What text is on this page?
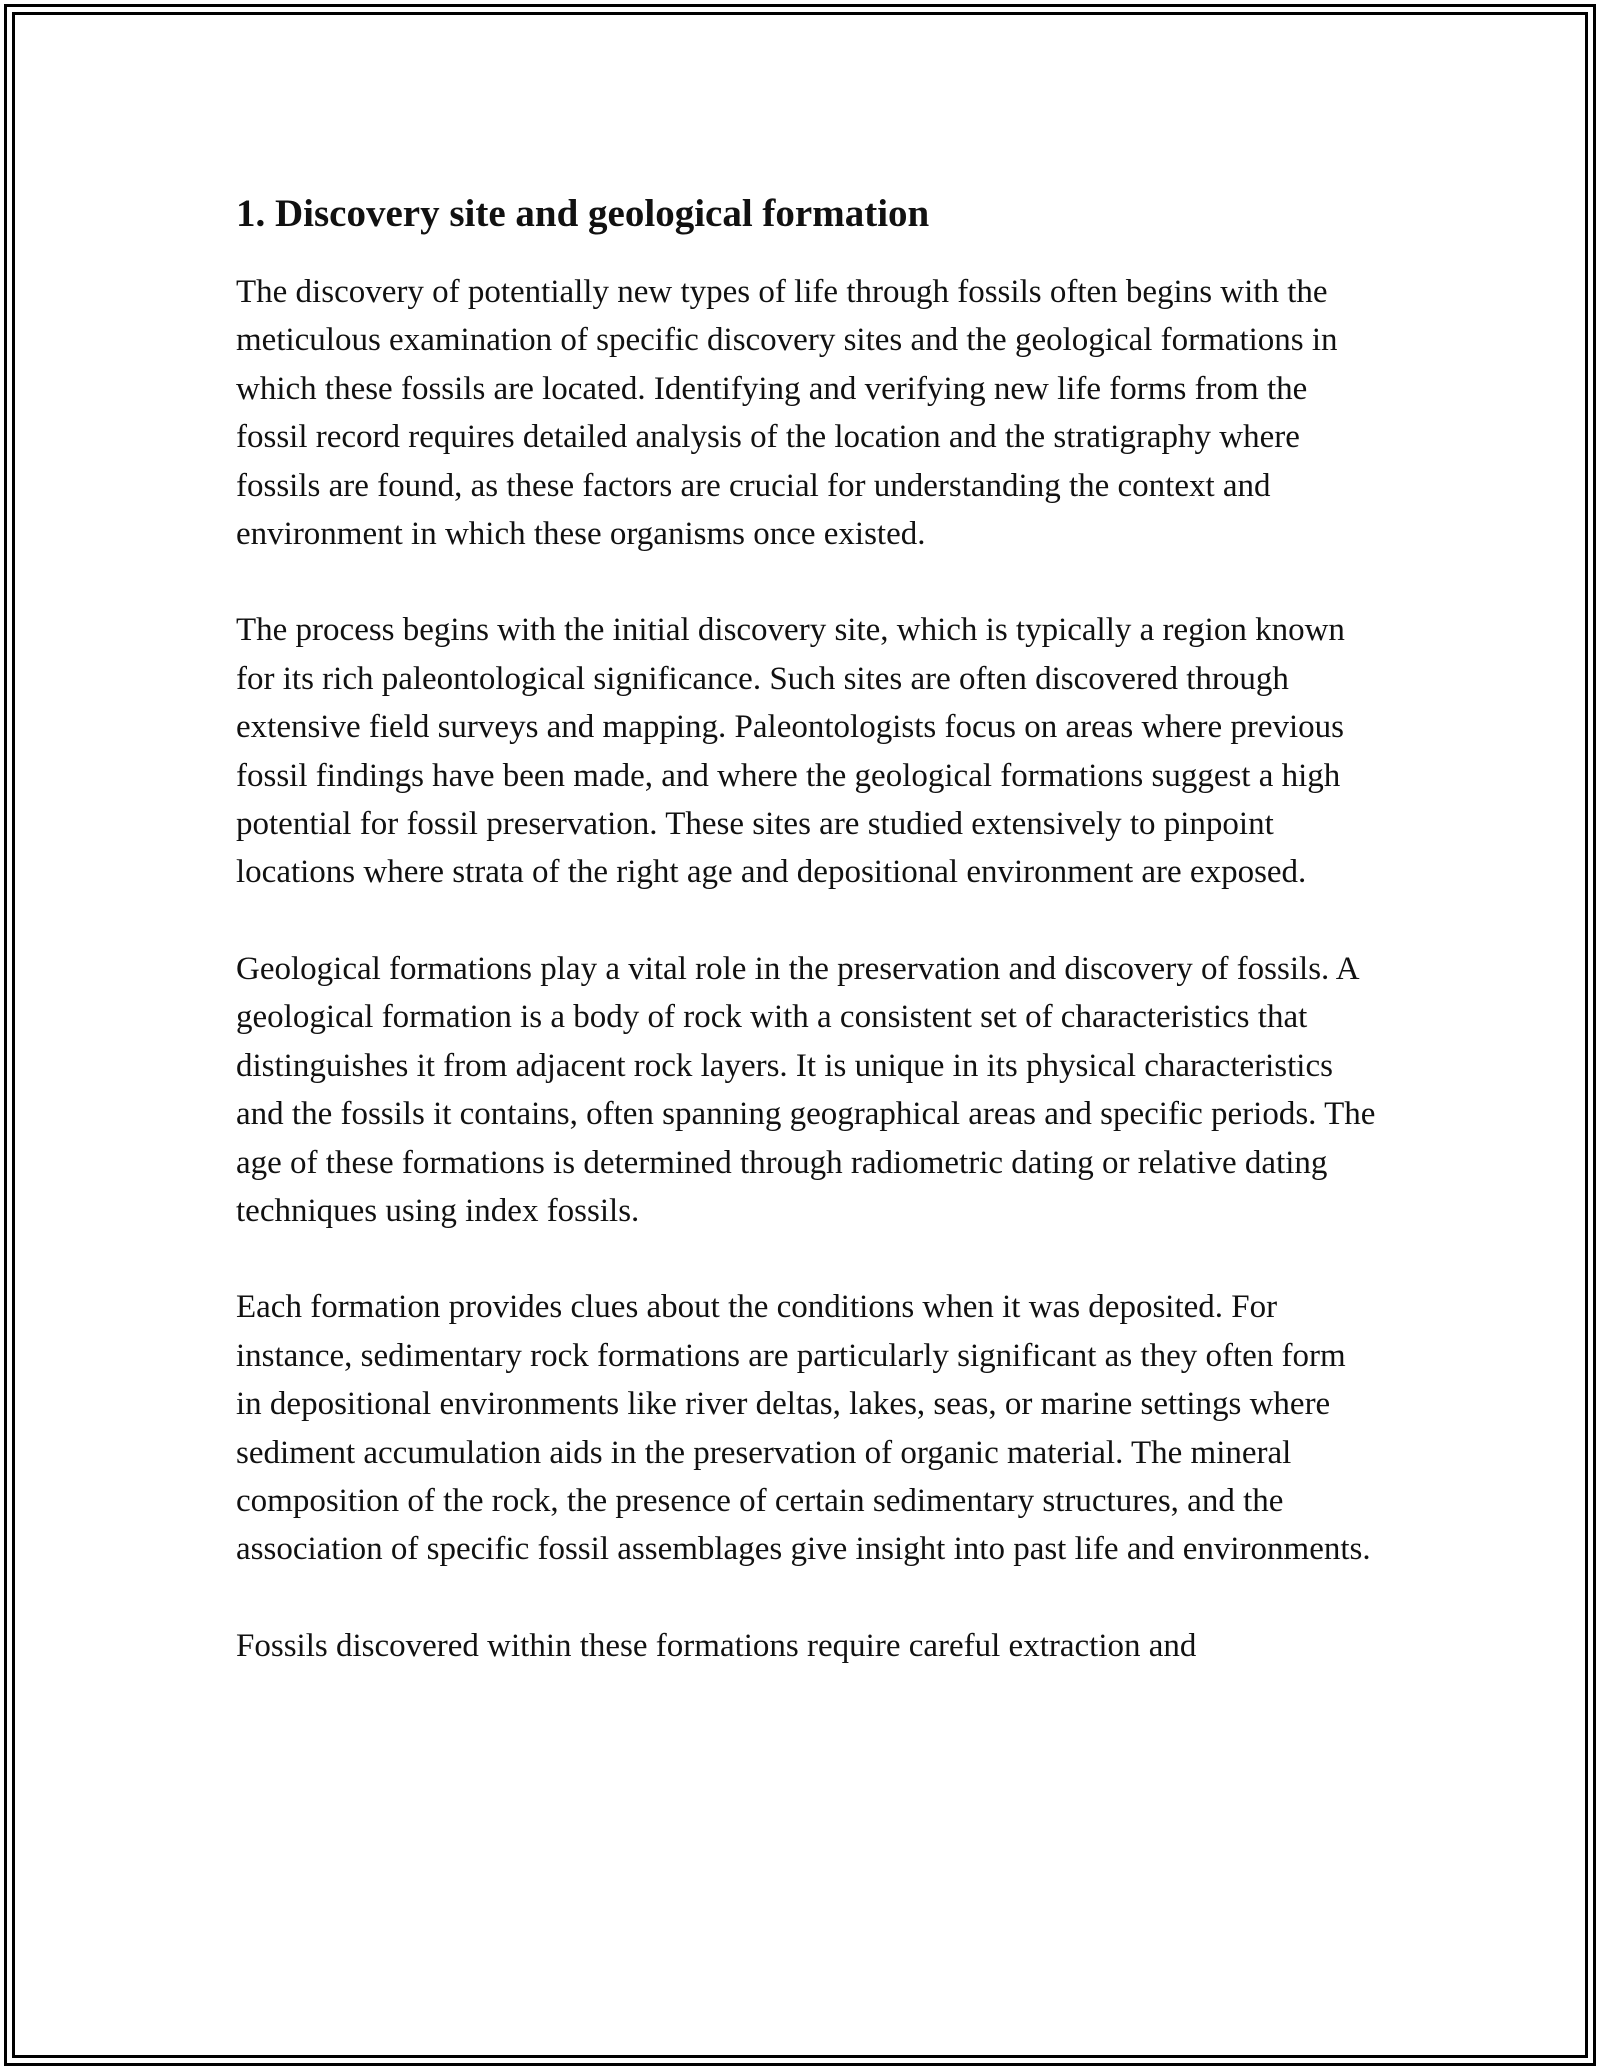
1. Discovery site and geological formation

The discovery of potentially new types of life through fossils often begins with the meticulous examination of specific discovery sites and the geological formations in which these fossils are located. Identifying and verifying new life forms from the fossil record requires detailed analysis of the location and the stratigraphy where fossils are found, as these factors are crucial for understanding the context and environment in which these organisms once existed.

The process begins with the initial discovery site, which is typically a region known for its rich paleontological significance. Such sites are often discovered through extensive field surveys and mapping. Paleontologists focus on areas where previous fossil findings have been made, and where the geological formations suggest a high potential for fossil preservation. These sites are studied extensively to pinpoint locations where strata of the right age and depositional environment are exposed.

Geological formations play a vital role in the preservation and discovery of fossils. A geological formation is a body of rock with a consistent set of characteristics that distinguishes it from adjacent rock layers. It is unique in its physical characteristics and the fossils it contains, often spanning geographical areas and specific periods. The age of these formations is determined through radiometric dating or relative dating techniques using index fossils.

Each formation provides clues about the conditions when it was deposited. For instance, sedimentary rock formations are particularly significant as they often form in depositional environments like river deltas, lakes, seas, or marine settings where sediment accumulation aids in the preservation of organic material. The mineral composition of the rock, the presence of certain sedimentary structures, and the association of specific fossil assemblages give insight into past life and environments.

Fossils discovered within these formations require careful extraction and
